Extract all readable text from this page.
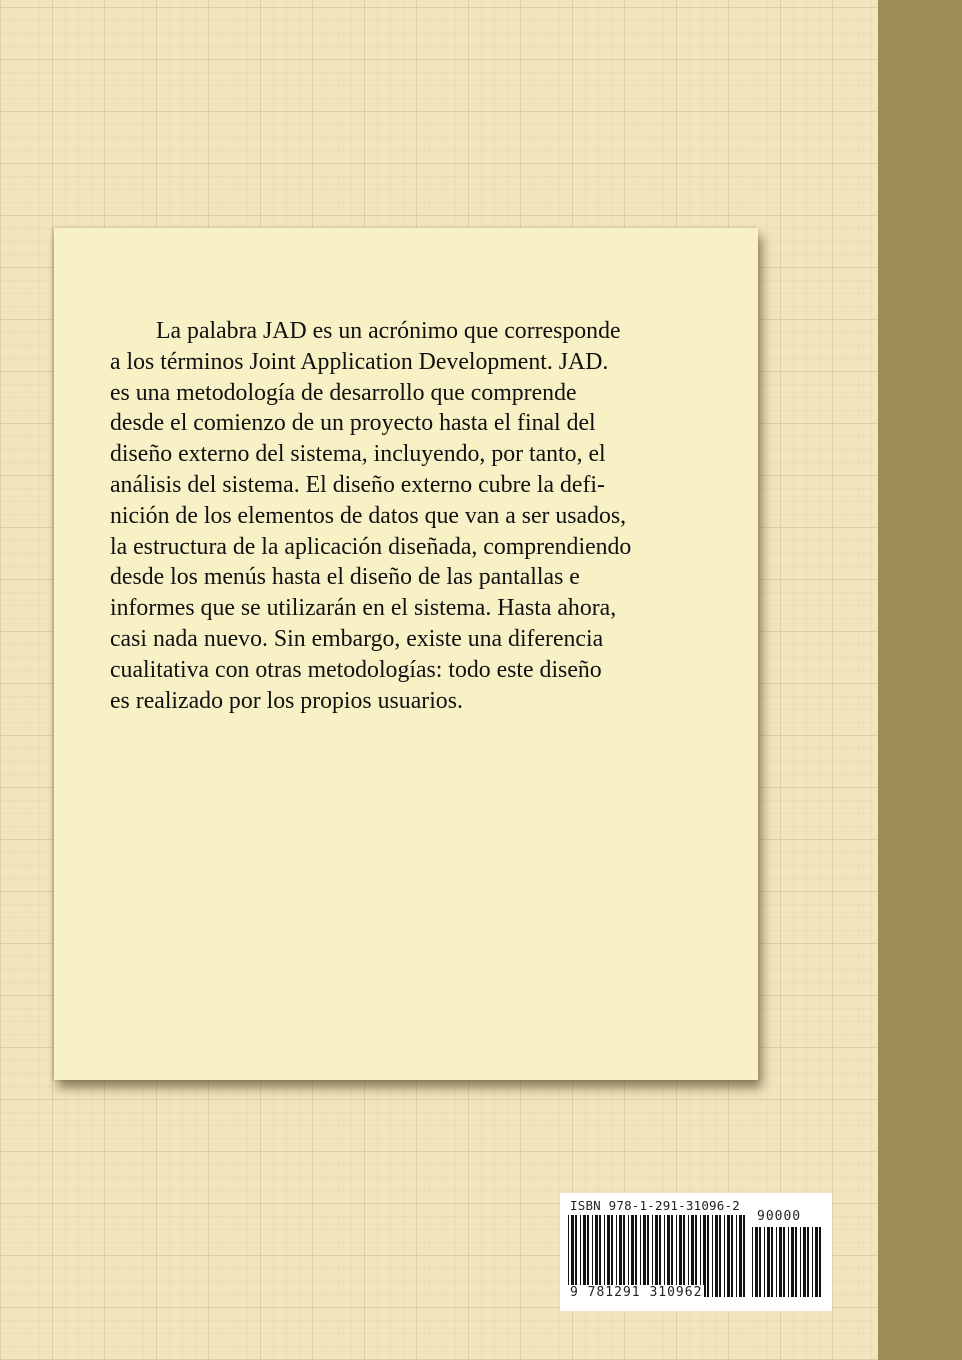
La palabra JAD es un acrónimo que corresponde
a los términos Joint Application Development. JAD.
es una metodología de desarrollo que comprende
desde el comienzo de un proyecto hasta el final del
diseño externo del sistema, incluyendo, por tanto, el
análisis del sistema. El diseño externo cubre la defi-
nición de los elementos de datos que van a ser usados,
la estructura de la aplicación diseñada, comprendiendo
desde los menús hasta el diseño de las pantallas e
informes que se utilizarán en el sistema. Hasta ahora,
casi nada nuevo. Sin embargo, existe una diferencia
cualitativa con otras metodologías: todo este diseño
es realizado por los propios usuarios.

ISBN 978-1-291-31096-2
90000
9 781291 310962
